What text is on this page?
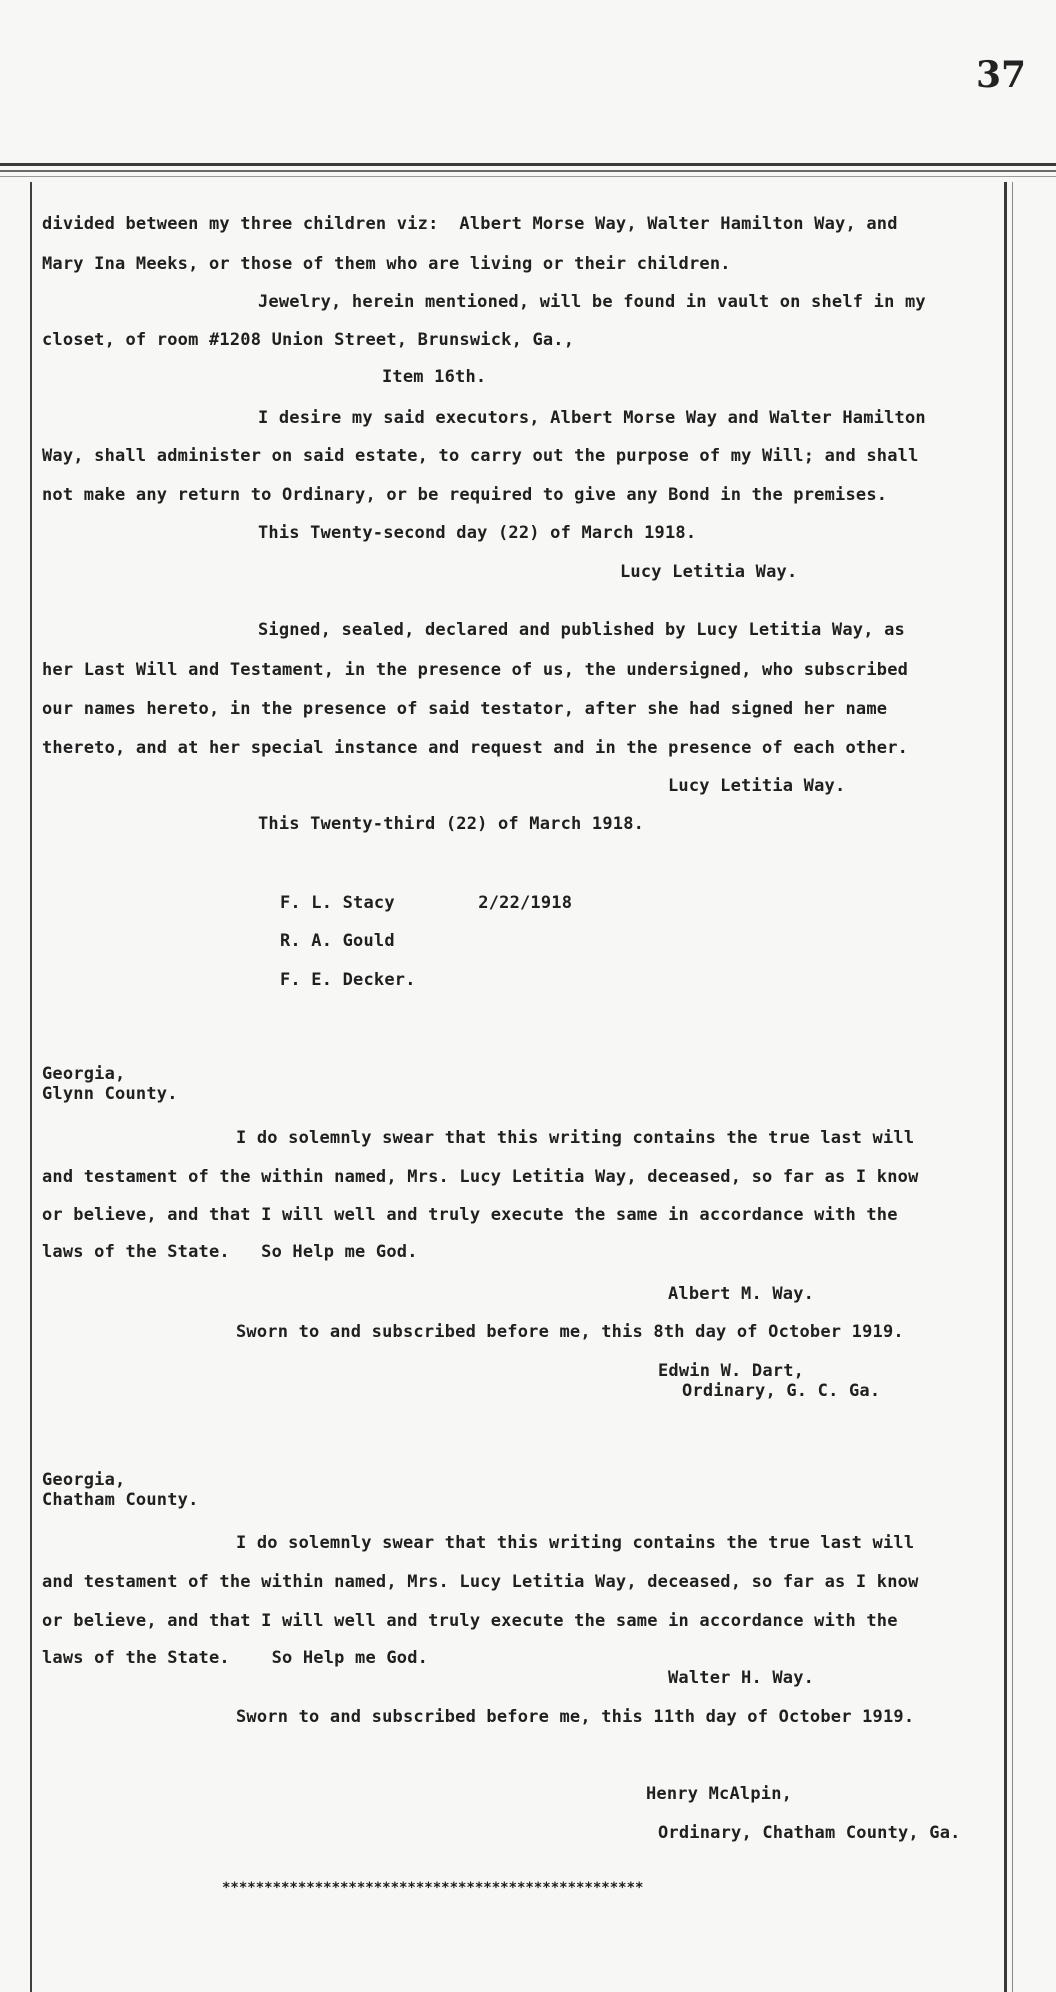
37
divided between my three children viz:  Albert Morse Way, Walter Hamilton Way, and
Mary Ina Meeks, or those of them who are living or their children.
Jewelry, herein mentioned, will be found in vault on shelf in my
closet, of room #1208 Union Street, Brunswick, Ga.,
Item 16th.
I desire my said executors, Albert Morse Way and Walter Hamilton
Way, shall administer on said estate, to carry out the purpose of my Will; and shall
not make any return to Ordinary, or be required to give any Bond in the premises.
This Twenty-second day (22) of March 1918.
Lucy Letitia Way.
Signed, sealed, declared and published by Lucy Letitia Way, as
her Last Will and Testament, in the presence of us, the undersigned, who subscribed
our names hereto, in the presence of said testator, after she had signed her name
thereto, and at her special instance and request and in the presence of each other.
Lucy Letitia Way.
This Twenty-third (22) of March 1918.
F. L. Stacy        2/22/1918
R. A. Gould
F. E. Decker.
Georgia,
Glynn County.
I do solemnly swear that this writing contains the true last will
and testament of the within named, Mrs. Lucy Letitia Way, deceased, so far as I know
or believe, and that I will well and truly execute the same in accordance with the
laws of the State.   So Help me God.
Albert M. Way.
Sworn to and subscribed before me, this 8th day of October 1919.
Edwin W. Dart,
Ordinary, G. C. Ga.
Georgia,
Chatham County.
I do solemnly swear that this writing contains the true last will
and testament of the within named, Mrs. Lucy Letitia Way, deceased, so far as I know
or believe, and that I will well and truly execute the same in accordance with the
laws of the State.    So Help me God.
Walter H. Way.
Sworn to and subscribed before me, this 11th day of October 1919.
Henry McAlpin,
Ordinary, Chatham County, Ga.
**************************************************
